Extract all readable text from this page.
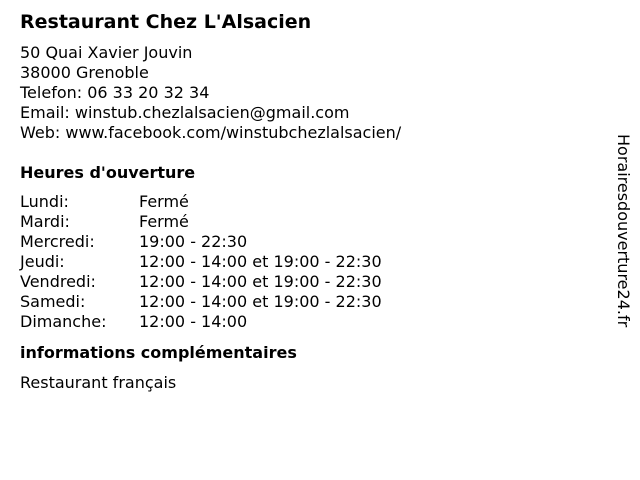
Restaurant Chez L'Alsacien
50 Quai Xavier Jouvin
38000 Grenoble
Telefon: 06 33 20 32 34
Email: winstub.chezlalsacien@gmail.com
Web: www.facebook.com/winstubchezlalsacien/
Heures d'ouverture
Lundi:	Fermé
Mardi:	Fermé
Mercredi:	19:00 - 22:30
Jeudi:	12:00 - 14:00 et 19:00 - 22:30
Vendredi:	12:00 - 14:00 et 19:00 - 22:30
Samedi:	12:00 - 14:00 et 19:00 - 22:30
Dimanche:	12:00 - 14:00
informations complémentaires
Restaurant français
Horairesdouverture24.fr
